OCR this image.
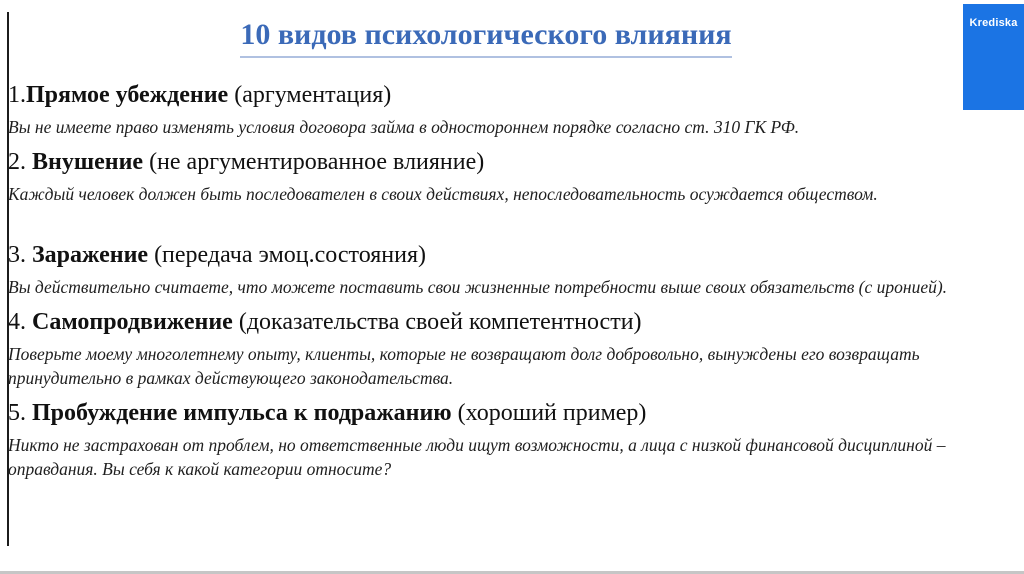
Krediska
10 видов психологического влияния
1.Прямое убеждение (аргументация)
Вы не имеете право изменять условия договора займа в одностороннем порядке согласно ст. 310 ГК РФ.
2. Внушение (не аргументированное влияние)
Каждый человек должен быть последователен в своих действиях, непоследовательность осуждается обществом.
3. Заражение (передача эмоц.состояния)
Вы действительно считаете, что можете поставить свои жизненные потребности выше своих обязательств (с иронией).
4. Самопродвижение (доказательства своей компетентности)
Поверьте моему многолетнему опыту, клиенты, которые не возвращают долг добровольно, вынуждены его возвращать принудительно в рамках действующего законодательства.
5. Пробуждение импульса к подражанию (хороший пример)
Никто не застрахован от проблем, но ответственные люди ищут возможности, а лица с низкой финансовой дисциплиной – оправдания. Вы себя к какой категории относите?
